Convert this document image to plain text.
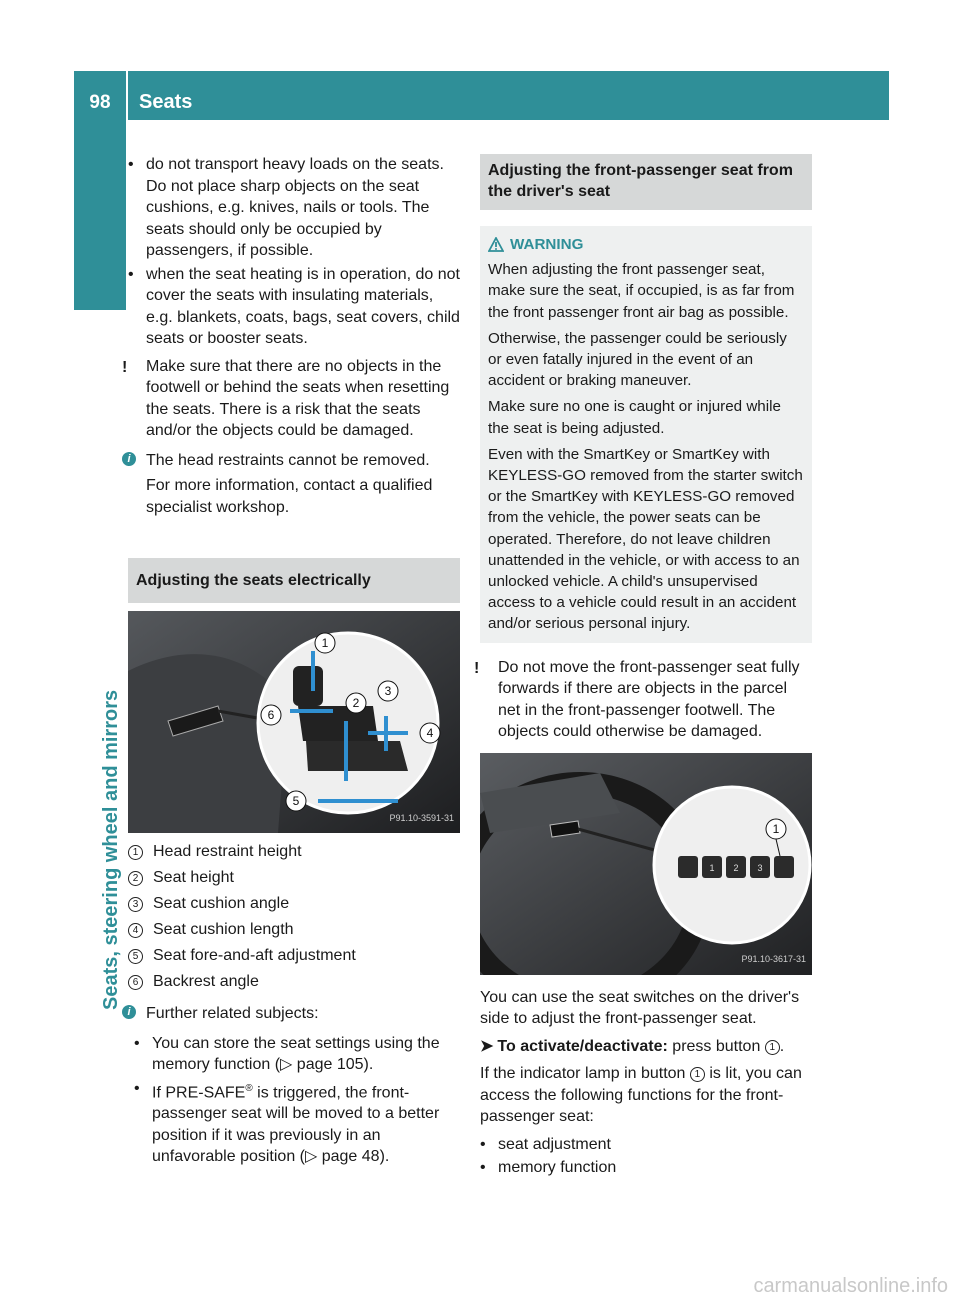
98	Seats
Seats, steering wheel and mirrors
• do not transport heavy loads on the seats. Do not place sharp objects on the seat cushions, e.g. knives, nails or tools. The seats should only be occupied by passengers, if possible.
• when the seat heating is in operation, do not cover the seats with insulating materials, e.g. blankets, coats, bags, seat covers, child seats or booster seats.
! Make sure that there are no objects in the footwell or behind the seats when resetting the seats. There is a risk that the seats and/or the objects could be damaged.
i The head restraints cannot be removed.

For more information, contact a qualified specialist workshop.

Adjusting the seats electrically
1
2
3
4
5
6
P91.10-3591-31
1 Head restraint height
2 Seat height
3 Seat cushion angle
4 Seat cushion length
5 Seat fore-and-aft adjustment
6 Backrest angle
i Further related subjects:

• You can store the seat settings using the memory function (▷ page 105).
• If PRE-SAFE® is triggered, the front-passenger seat will be moved to a better position if it was previously in an unfavorable position (▷ page 48).
Adjusting the front-passenger seat from the driver's seat
WARNING

When adjusting the front passenger seat, make sure the seat, if occupied, is as far from the front passenger front air bag as possible.

Otherwise, the passenger could be seriously or even fatally injured in the event of an accident or braking maneuver.

Make sure no one is caught or injured while the seat is being adjusted.

Even with the SmartKey or SmartKey with KEYLESS-GO removed from the starter switch or the SmartKey with KEYLESS-GO removed from the vehicle, the power seats can be operated. Therefore, do not leave children unattended in the vehicle, or with access to an unlocked vehicle. A child's unsupervised access to a vehicle could result in an accident and/or serious personal injury.

! Do not move the front-passenger seat fully forwards if there are objects in the parcel net in the front-passenger footwell. The objects could otherwise be damaged.
1 2 3
1
P91.10-3617-31

You can use the seat switches on the driver's side to adjust the front-passenger seat.

➤ To activate/deactivate: press button 1 .

If the indicator lamp in button 1 is lit, you can access the following functions for the front-passenger seat:

• seat adjustment
• memory function
carmanualsonline.info
